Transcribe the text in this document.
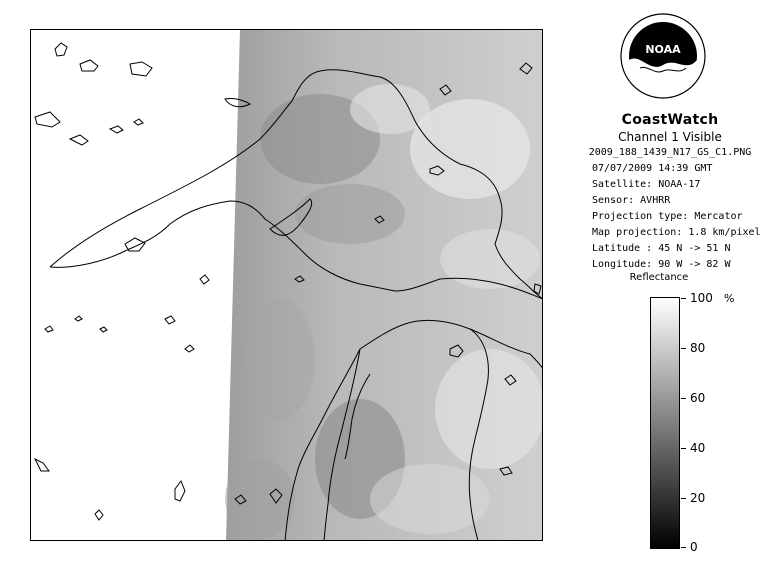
NOAA
CoastWatch
Channel 1 Visible
2009_188_1439_N17_GS_C1.PNG
07/07/2009 14:39 GMT
Satellite: NOAA-17
Sensor: AVHRR
Projection type: Mercator
Map projection: 1.8 km/pixel
Latitude : 45 N -> 51 N
Longitude: 90 W -> 82 W
Reflectance
%
100
80
60
40
20
0
